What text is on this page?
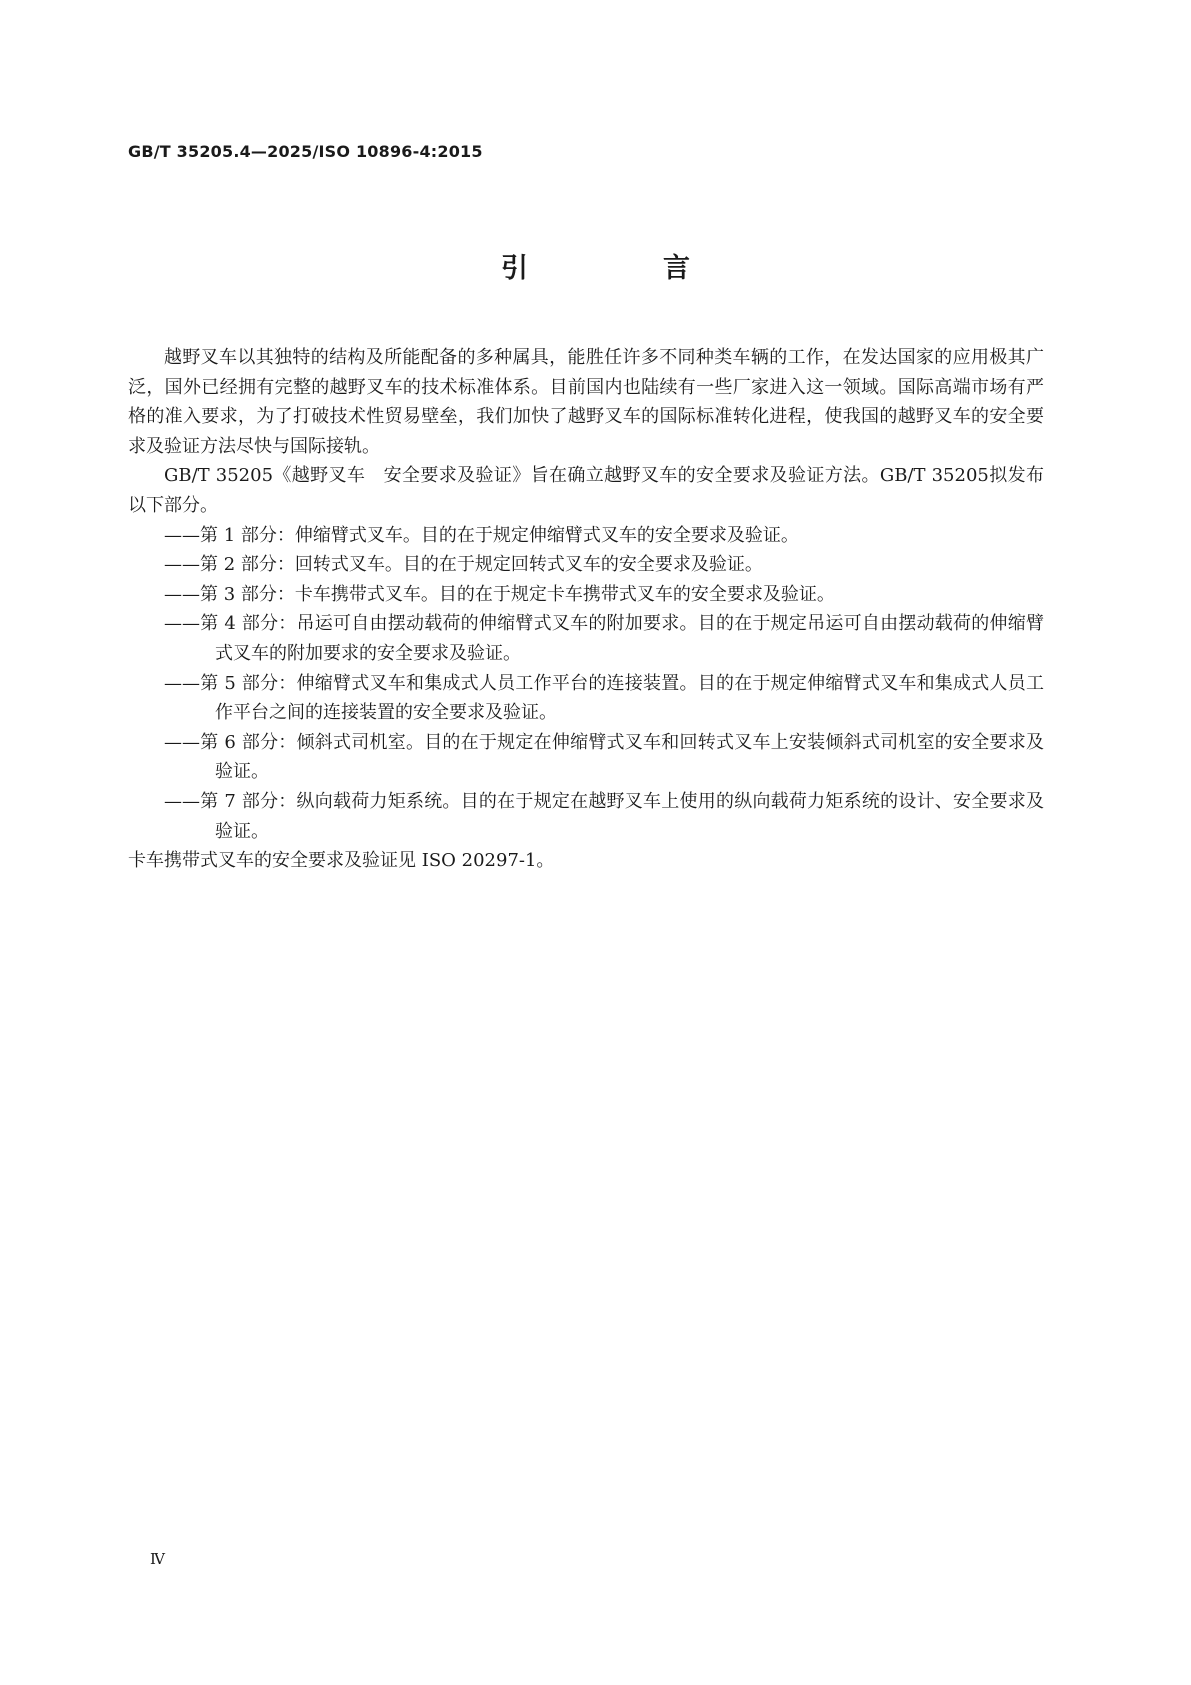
GB/T 35205.4—2025/ISO 10896-4:2015
引　言

越野叉车以其独特的结构及所能配备的多种属具，能胜任许多不同种类车辆的工作，在发达国家的应用极其广泛，国外已经拥有完整的越野叉车的技术标准体系。目前国内也陆续有一些厂家进入这一领域。国际高端市场有严格的准入要求，为了打破技术性贸易壁垒，我们加快了越野叉车的国际标准转化进程，使我国的越野叉车的安全要求及验证方法尽快与国际接轨。

GB/T 35205《越野叉车　安全要求及验证》旨在确立越野叉车的安全要求及验证方法。GB/T 35205拟发布以下部分。

——第 1 部分：伸缩臂式叉车。目的在于规定伸缩臂式叉车的安全要求及验证。
——第 2 部分：回转式叉车。目的在于规定回转式叉车的安全要求及验证。
——第 3 部分：卡车携带式叉车。目的在于规定卡车携带式叉车的安全要求及验证。
——第 4 部分：吊运可自由摆动载荷的伸缩臂式叉车的附加要求。目的在于规定吊运可自由摆动载荷的伸缩臂式叉车的附加要求的安全要求及验证。
——第 5 部分：伸缩臂式叉车和集成式人员工作平台的连接装置。目的在于规定伸缩臂式叉车和集成式人员工作平台之间的连接装置的安全要求及验证。
——第 6 部分：倾斜式司机室。目的在于规定在伸缩臂式叉车和回转式叉车上安装倾斜式司机室的安全要求及验证。
——第 7 部分：纵向载荷力矩系统。目的在于规定在越野叉车上使用的纵向载荷力矩系统的设计、安全要求及验证。

卡车携带式叉车的安全要求及验证见 ISO 20297-1。

Ⅳ
